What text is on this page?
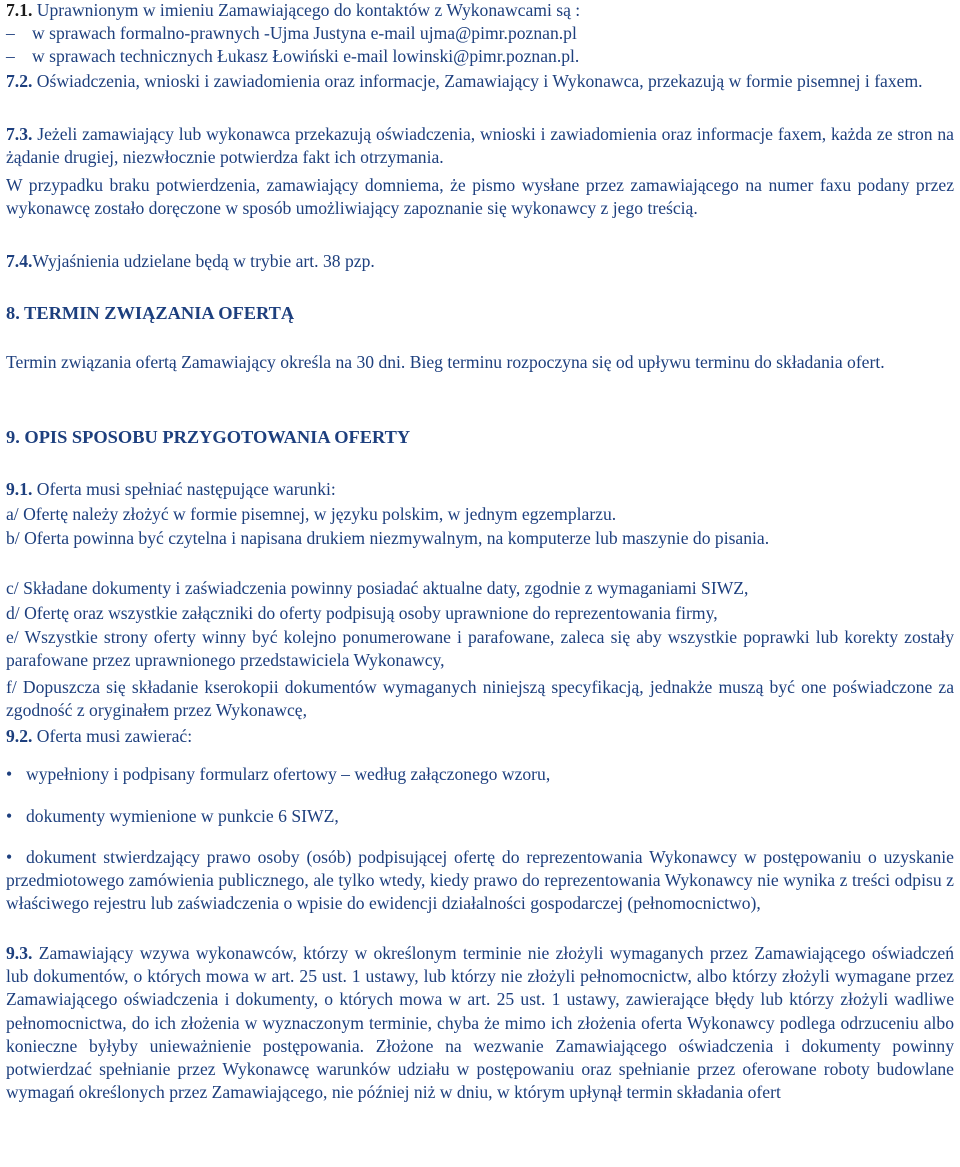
7.1. Uprawnionym w imieniu Zamawiającego do kontaktów z Wykonawcami są :

– w sprawach formalno-prawnych -Ujma Justyna e-mail ujma@pimr.poznan.pl

– w sprawach technicznych Łukasz Łowiński e-mail lowinski@pimr.poznan.pl.

7.2. Oświadczenia, wnioski i zawiadomienia oraz informacje, Zamawiający i Wykonawca, przekazują w formie pisemnej i faxem.

7.3. Jeżeli zamawiający lub wykonawca przekazują oświadczenia, wnioski i zawiadomienia oraz informacje faxem, każda ze stron na żądanie drugiej, niezwłocznie potwierdza fakt ich otrzymania.

W przypadku braku potwierdzenia, zamawiający domniema, że pismo wysłane przez zamawiającego na numer faxu podany przez wykonawcę zostało doręczone w sposób umożliwiający zapoznanie się wykonawcy z jego treścią.

7.4.Wyjaśnienia udzielane będą w trybie art. 38 pzp.

8. TERMIN ZWIĄZANIA OFERTĄ

Termin związania ofertą Zamawiający określa na 30 dni. Bieg terminu rozpoczyna się od upływu terminu do składania ofert.

9. OPIS SPOSOBU PRZYGOTOWANIA OFERTY

9.1. Oferta musi spełniać następujące warunki:

a/ Ofertę należy złożyć w formie pisemnej, w języku polskim, w jednym egzemplarzu.

b/ Oferta powinna być czytelna i napisana drukiem niezmywalnym, na komputerze lub maszynie do pisania.

c/ Składane dokumenty i zaświadczenia powinny posiadać aktualne daty, zgodnie z wymaganiami SIWZ,

d/ Ofertę oraz wszystkie załączniki do oferty podpisują osoby uprawnione do reprezentowania firmy,

e/ Wszystkie strony oferty winny być kolejno ponumerowane i parafowane, zaleca się aby wszystkie poprawki lub korekty zostały parafowane przez uprawnionego przedstawiciela Wykonawcy,

f/ Dopuszcza się składanie kserokopii dokumentów wymaganych niniejszą specyfikacją, jednakże muszą być one poświadczone za zgodność z oryginałem przez Wykonawcę,

9.2. Oferta musi zawierać:

• wypełniony i podpisany formularz ofertowy – według załączonego wzoru,

• dokumenty wymienione w punkcie 6 SIWZ,

• dokument stwierdzający prawo osoby (osób) podpisującej ofertę do reprezentowania Wykonawcy w postępowaniu o uzyskanie przedmiotowego zamówienia publicznego, ale tylko wtedy, kiedy prawo do reprezentowania Wykonawcy nie wynika z treści odpisu z właściwego rejestru lub zaświadczenia o wpisie do ewidencji działalności gospodarczej (pełnomocnictwo),

9.3. Zamawiający wzywa wykonawców, którzy w określonym terminie nie złożyli wymaganych przez Zamawiającego oświadczeń lub dokumentów, o których mowa w art. 25 ust. 1 ustawy, lub którzy nie złożyli pełnomocnictw, albo którzy złożyli wymagane przez Zamawiającego oświadczenia i dokumenty, o których mowa w art. 25 ust. 1 ustawy, zawierające błędy lub którzy złożyli wadliwe pełnomocnictwa, do ich złożenia w wyznaczonym terminie, chyba że mimo ich złożenia oferta Wykonawcy podlega odrzuceniu albo konieczne byłyby unieważnienie postępowania. Złożone na wezwanie Zamawiającego oświadczenia i dokumenty powinny potwierdzać spełnianie przez Wykonawcę warunków udziału w postępowaniu oraz spełnianie przez oferowane roboty budowlane wymagań określonych przez Zamawiającego, nie później niż w dniu, w którym upłynął termin składania ofert
